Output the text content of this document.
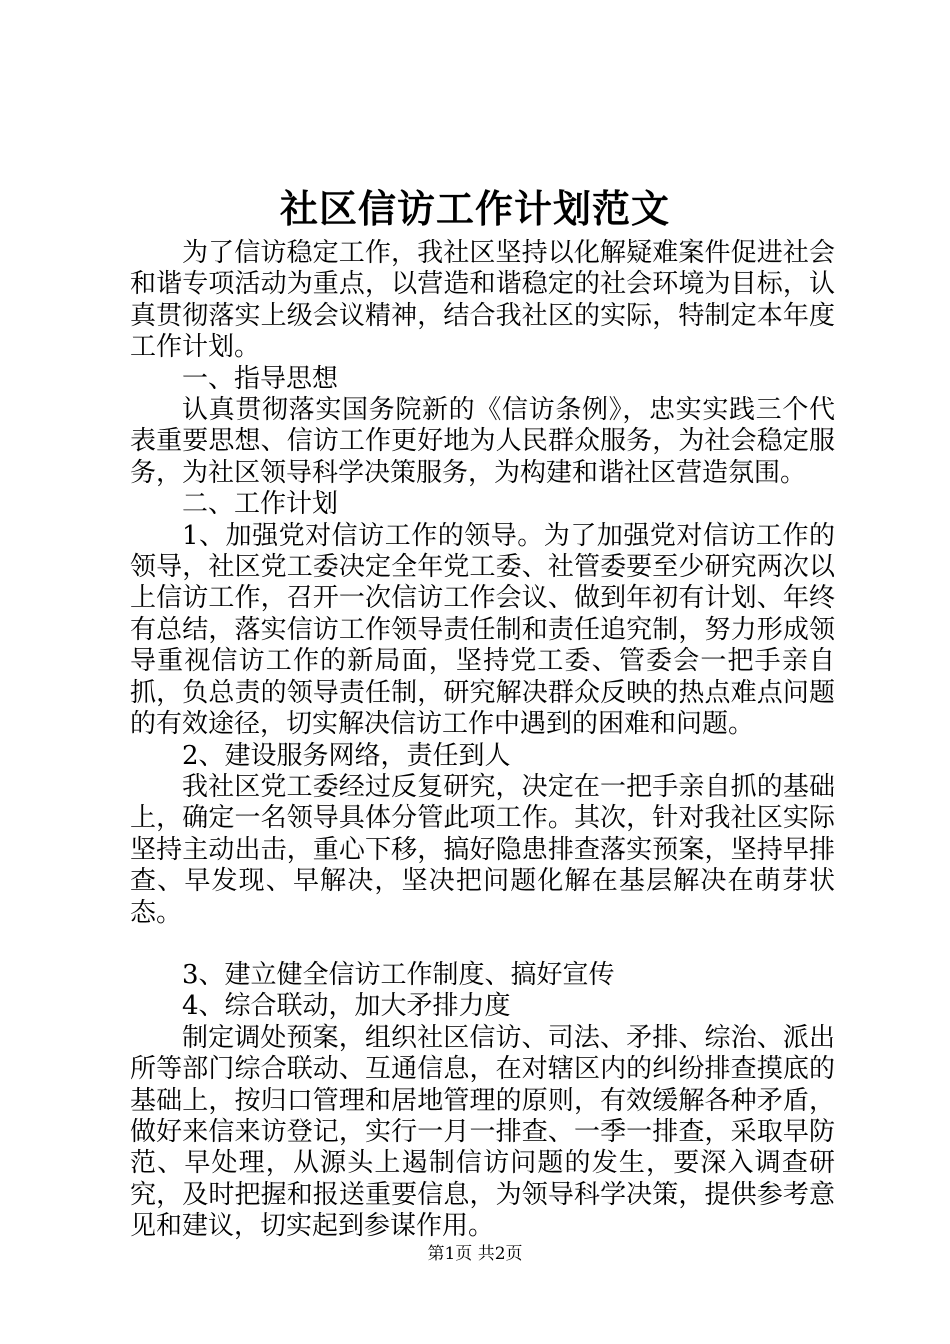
社区信访工作计划范文

为了信访稳定工作，我社区坚持以化解疑难案件促进社会和谐专项活动为重点，以营造和谐稳定的社会环境为目标，认真贯彻落实上级会议精神，结合我社区的实际，特制定本年度工作计划。

一、指导思想

认真贯彻落实国务院新的《信访条例》，忠实实践三个代表重要思想、信访工作更好地为人民群众服务，为社会稳定服务，为社区领导科学决策服务，为构建和谐社区营造氛围。

二、工作计划

1、加强党对信访工作的领导。为了加强党对信访工作的领导，社区党工委决定全年党工委、社管委要至少研究两次以上信访工作，召开一次信访工作会议、做到年初有计划、年终有总结，落实信访工作领导责任制和责任追究制，努力形成领导重视信访工作的新局面，坚持党工委、管委会一把手亲自抓，负总责的领导责任制，研究解决群众反映的热点难点问题的有效途径，切实解决信访工作中遇到的困难和问题。

2、建设服务网络，责任到人

我社区党工委经过反复研究，决定在一把手亲自抓的基础上，确定一名领导具体分管此项工作。其次，针对我社区实际坚持主动出击，重心下移，搞好隐患排查落实预案，坚持早排查、早发现、早解决，坚决把问题化解在基层解决在萌芽状态。

3、建立健全信访工作制度、搞好宣传

4、综合联动，加大矛排力度

制定调处预案，组织社区信访、司法、矛排、综治、派出所等部门综合联动、互通信息，在对辖区内的纠纷排查摸底的基础上，按归口管理和居地管理的原则，有效缓解各种矛盾，做好来信来访登记，实行一月一排查、一季一排查，采取早防范、早处理，从源头上遏制信访问题的发生，要深入调查研究，及时把握和报送重要信息，为领导科学决策，提供参考意见和建议，切实起到参谋作用。

第1页 共2页
